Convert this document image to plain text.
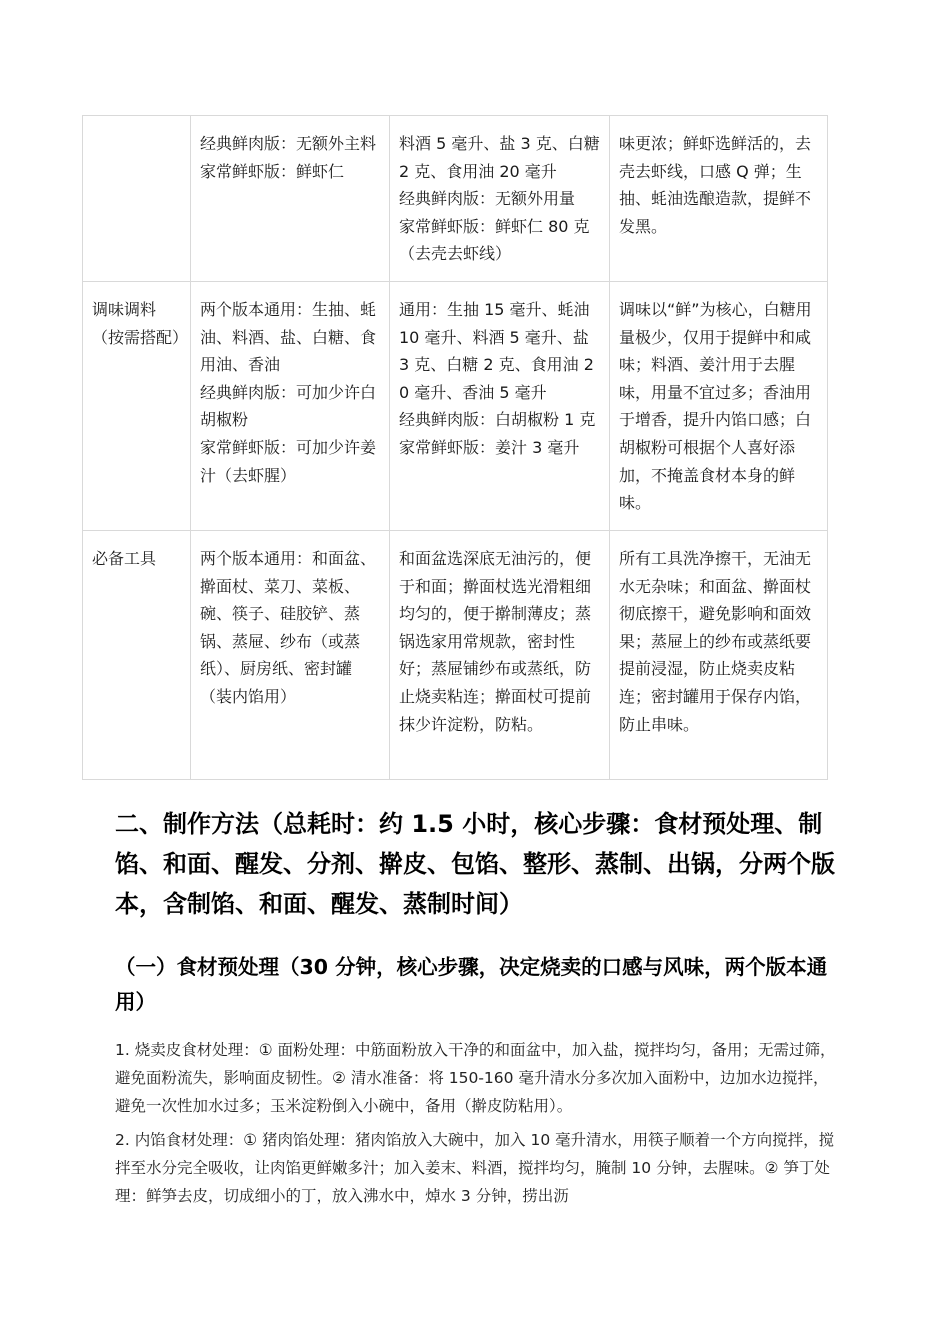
	经典鲜肉版：无额外主料
家常鲜虾版：鲜虾仁	料酒 5 毫升、盐 3 克、白糖 2 克、食用油 20 毫升
经典鲜肉版：无额外用量
家常鲜虾版：鲜虾仁 80 克（去壳去虾线）	味更浓；鲜虾选鲜活的，去壳去虾线，口感 Q 弹；生抽、蚝油选酿造款，提鲜不发黑。

调味调料（按需搭配）	两个版本通用：生抽、蚝油、料酒、盐、白糖、食用油、香油
经典鲜肉版：可加少许白胡椒粉
家常鲜虾版：可加少许姜汁（去虾腥）	通用：生抽 15 毫升、蚝油 10 毫升、料酒 5 毫升、盐 3 克、白糖 2 克、食用油 20 毫升、香油 5 毫升
经典鲜肉版：白胡椒粉 1 克
家常鲜虾版：姜汁 3 毫升	调味以“鲜”为核心，白糖用量极少，仅用于提鲜中和咸味；料酒、姜汁用于去腥味，用量不宜过多；香油用于增香，提升内馅口感；白胡椒粉可根据个人喜好添加，不掩盖食材本身的鲜味。

必备工具	两个版本通用：和面盆、擀面杖、菜刀、菜板、碗、筷子、硅胶铲、蒸锅、蒸屉、纱布（或蒸纸）、厨房纸、密封罐（装内馅用）	和面盆选深底无油污的，便于和面；擀面杖选光滑粗细均匀的，便于擀制薄皮；蒸锅选家用常规款，密封性好；蒸屉铺纱布或蒸纸，防止烧卖粘连；擀面杖可提前抹少许淀粉，防粘。	所有工具洗净擦干，无油无水无杂味；和面盆、擀面杖彻底擦干，避免影响和面效果；蒸屉上的纱布或蒸纸要提前浸湿，防止烧卖皮粘连；密封罐用于保存内馅，防止串味。
二、制作方法（总耗时：约 1.5 小时，核心步骤：食材预处理、制馅、和面、醒发、分剂、擀皮、包馅、整形、蒸制、出锅，分两个版本，含制馅、和面、醒发、蒸制时间）
（一）食材预处理（30 分钟，核心步骤，决定烧卖的口感与风味，两个版本通用）

1. 烧卖皮食材处理：① 面粉处理：中筋面粉放入干净的和面盆中，加入盐，搅拌均匀，备用；无需过筛，避免面粉流失，影响面皮韧性。② 清水准备：将 150-160 毫升清水分多次加入面粉中，边加水边搅拌，避免一次性加水过多；玉米淀粉倒入小碗中，备用（擀皮防粘用）。

2. 内馅食材处理：① 猪肉馅处理：猪肉馅放入大碗中，加入 10 毫升清水，用筷子顺着一个方向搅拌，搅拌至水分完全吸收，让肉馅更鲜嫩多汁；加入姜末、料酒，搅拌均匀，腌制 10 分钟，去腥味。② 笋丁处理：鲜笋去皮，切成细小的丁，放入沸水中，焯水 3 分钟，捞出沥
